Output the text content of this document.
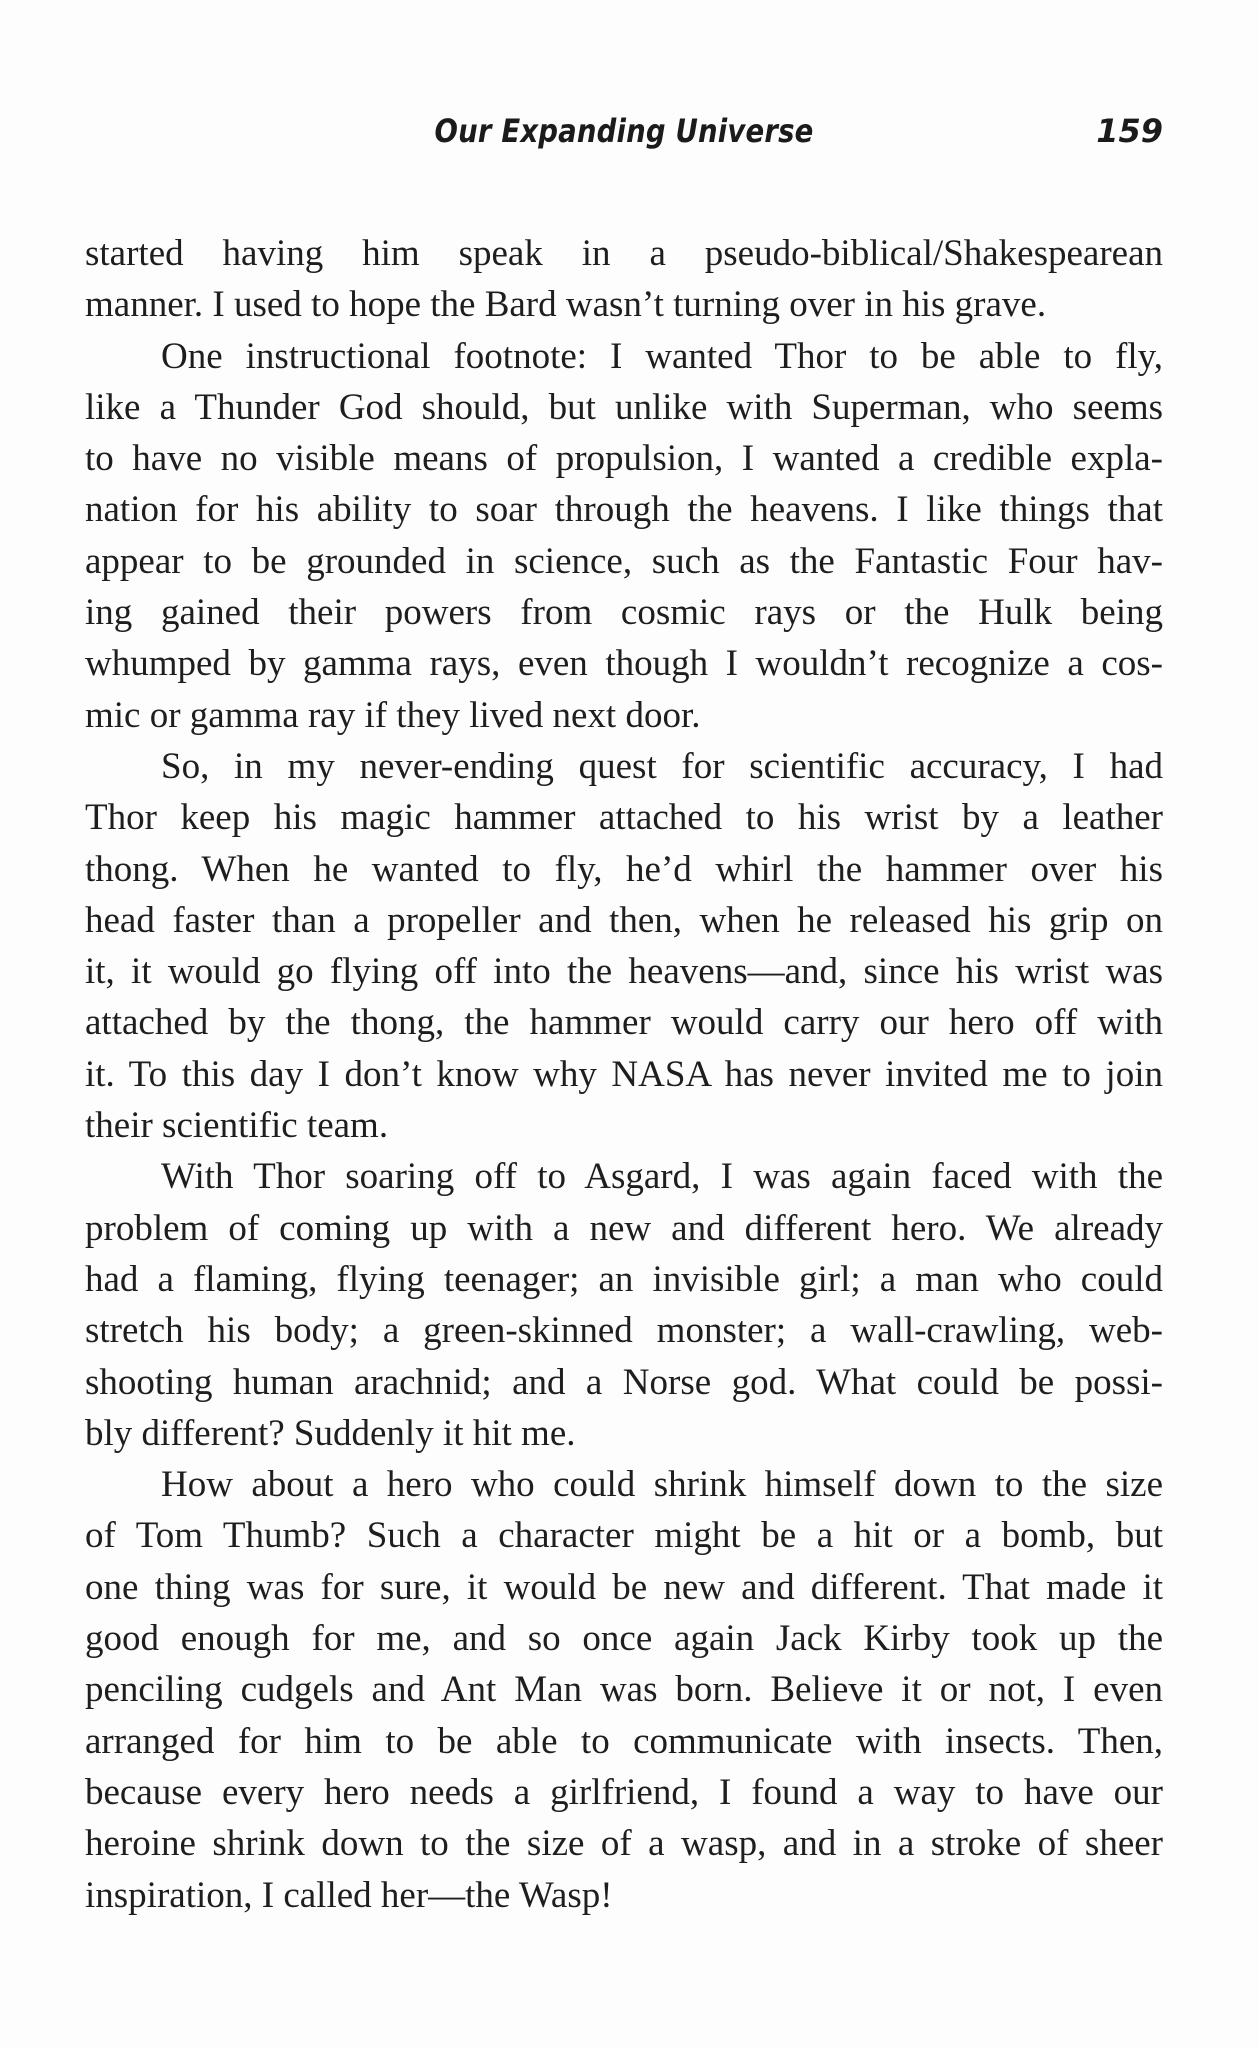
Our Expanding Universe	159
started having him speak in a pseudo-biblical/Shakespearean
manner. I used to hope the Bard wasn’t turning over in his grave.
One instructional footnote: I wanted Thor to be able to fly,
like a Thunder God should, but unlike with Superman, who seems
to have no visible means of propulsion, I wanted a credible expla-
nation for his ability to soar through the heavens. I like things that
appear to be grounded in science, such as the Fantastic Four hav-
ing gained their powers from cosmic rays or the Hulk being
whumped by gamma rays, even though I wouldn’t recognize a cos-
mic or gamma ray if they lived next door.
So, in my never-ending quest for scientific accuracy, I had
Thor keep his magic hammer attached to his wrist by a leather
thong. When he wanted to fly, he’d whirl the hammer over his
head faster than a propeller and then, when he released his grip on
it, it would go flying off into the heavens—and, since his wrist was
attached by the thong, the hammer would carry our hero off with
it. To this day I don’t know why NASA has never invited me to join
their scientific team.
With Thor soaring off to Asgard, I was again faced with the
problem of coming up with a new and different hero. We already
had a flaming, flying teenager; an invisible girl; a man who could
stretch his body; a green-skinned monster; a wall-crawling, web-
shooting human arachnid; and a Norse god. What could be possi-
bly different? Suddenly it hit me.
How about a hero who could shrink himself down to the size
of Tom Thumb? Such a character might be a hit or a bomb, but
one thing was for sure, it would be new and different. That made it
good enough for me, and so once again Jack Kirby took up the
penciling cudgels and Ant Man was born. Believe it or not, I even
arranged for him to be able to communicate with insects. Then,
because every hero needs a girlfriend, I found a way to have our
heroine shrink down to the size of a wasp, and in a stroke of sheer
inspiration, I called her—the Wasp!
